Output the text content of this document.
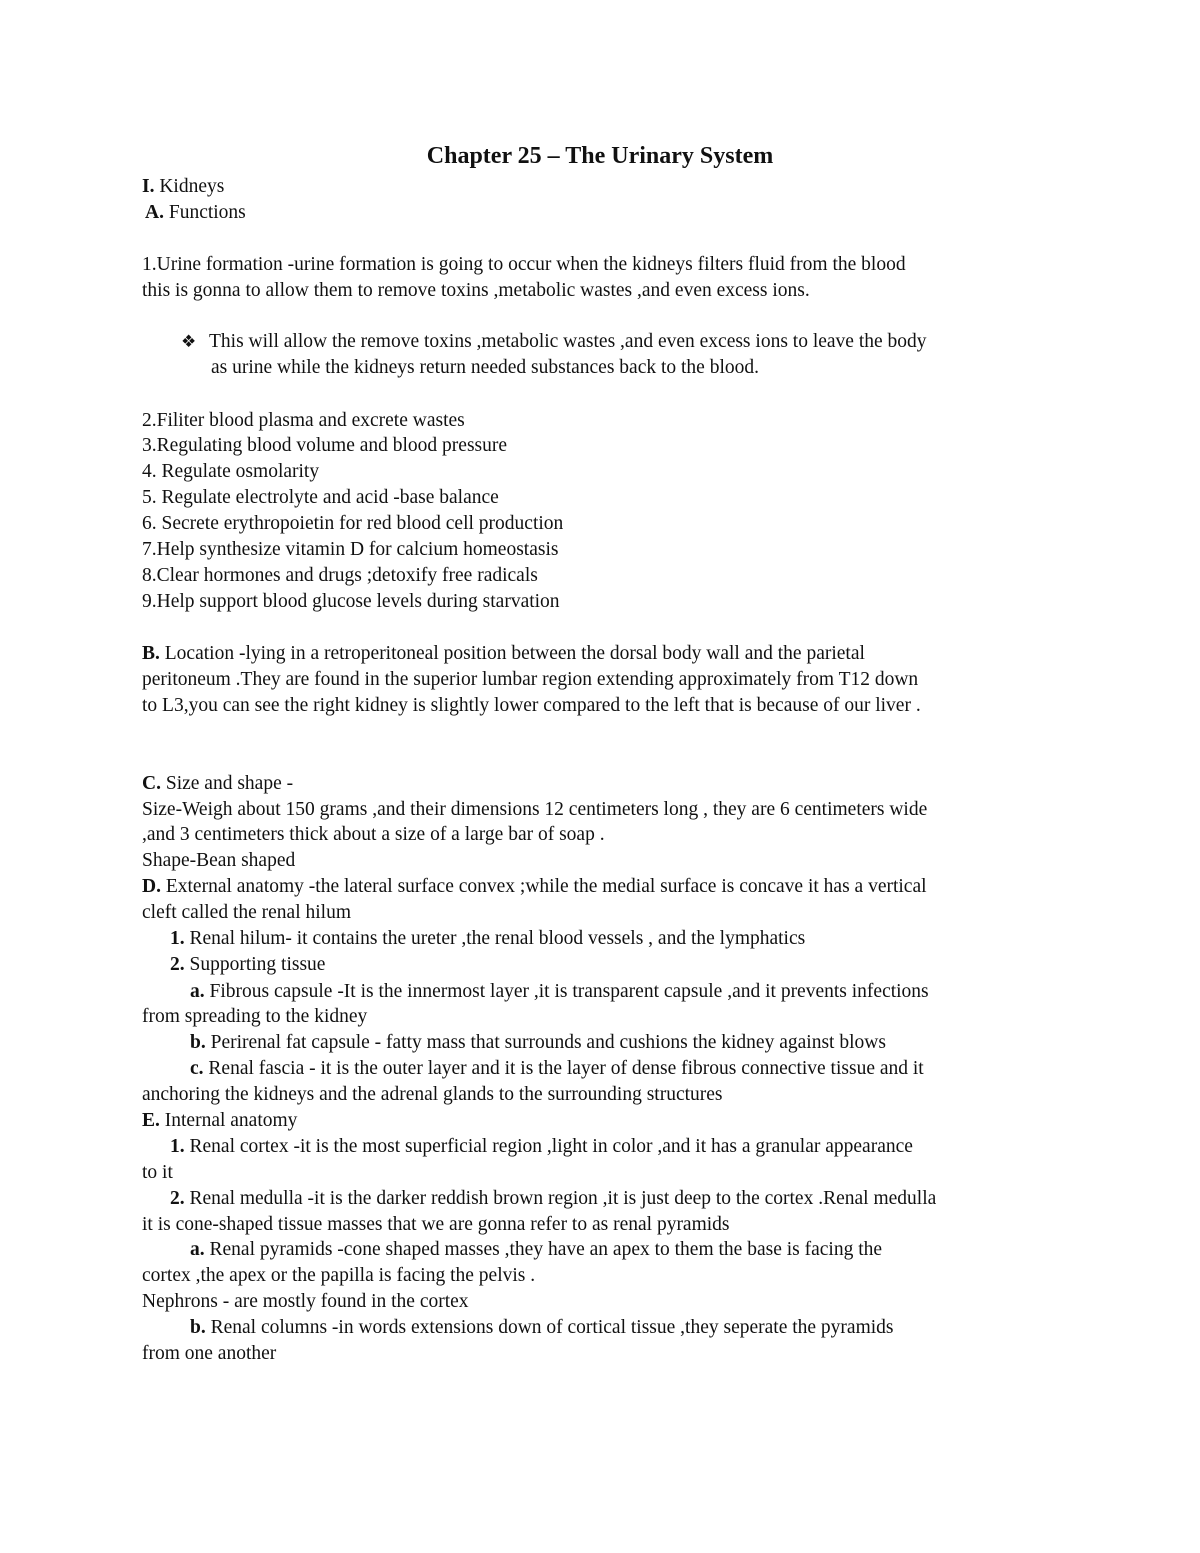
Chapter 25 – The Urinary System
I. Kidneys
A. Functions
1.Urine formation -urine formation is going to occur when the kidneys filters fluid from the blood
this is gonna to allow them to remove toxins ,metabolic wastes ,and even excess ions.
❖ This will allow the remove toxins ,metabolic wastes ,and even excess ions to leave the body
as urine while the kidneys return needed substances back to the blood.
2.Filiter blood plasma and excrete wastes
3.Regulating blood volume and blood pressure
4. Regulate osmolarity
5. Regulate electrolyte and acid -base balance
6. Secrete erythropoietin for red blood cell production
7.Help synthesize vitamin D for calcium homeostasis
8.Clear hormones and drugs ;detoxify free radicals
9.Help support blood glucose levels during starvation
B. Location -lying in a retroperitoneal position between the dorsal body wall and the parietal
peritoneum .They are found in the superior lumbar region extending approximately from T12 down
to L3,you can see the right kidney is slightly lower compared to the left that is because of our liver .
C. Size and shape -
Size-Weigh about 150 grams ,and their dimensions 12 centimeters long , they are 6 centimeters wide
,and 3 centimeters thick about a size of a large bar of soap .
Shape-Bean shaped
D. External anatomy -the lateral surface convex ;while the medial surface is concave it has a vertical
cleft called the renal hilum
1. Renal hilum- it contains the ureter ,the renal blood vessels , and the lymphatics
2. Supporting tissue
a. Fibrous capsule -It is the innermost layer ,it is transparent capsule ,and it prevents infections
from spreading to the kidney
b. Perirenal fat capsule - fatty mass that surrounds and cushions the kidney against blows
c. Renal fascia - it is the outer layer and it is the layer of dense fibrous connective tissue and it
anchoring the kidneys and the adrenal glands to the surrounding structures
E. Internal anatomy
1. Renal cortex -it is the most superficial region ,light in color ,and it has a granular appearance
to it
2. Renal medulla -it is the darker reddish brown region ,it is just deep to the cortex .Renal medulla
it is cone-shaped tissue masses that we are gonna refer to as renal pyramids
a. Renal pyramids -cone shaped masses ,they have an apex to them the base is facing the
cortex ,the apex or the papilla is facing the pelvis .
Nephrons - are mostly found in the cortex
b. Renal columns -in words extensions down of cortical tissue ,they seperate the pyramids
from one another
